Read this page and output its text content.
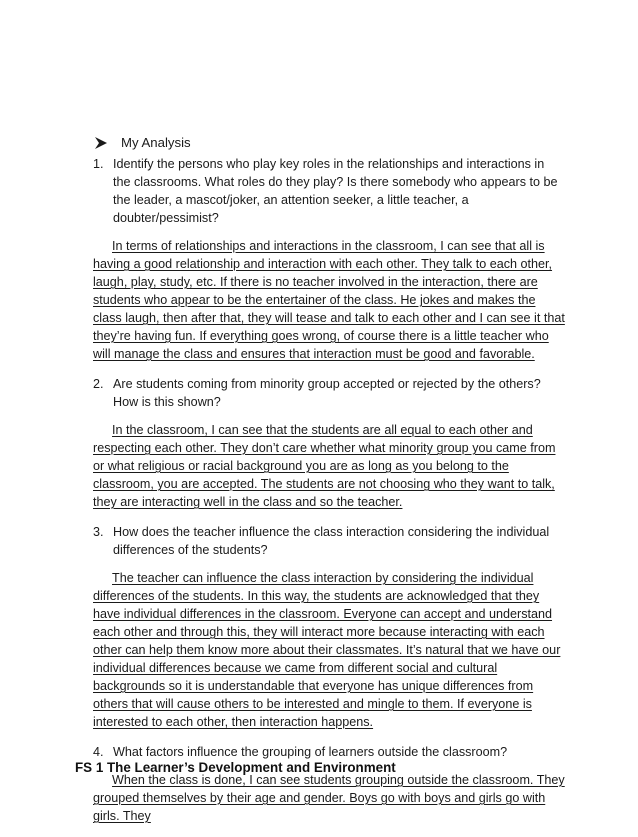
My Analysis
1. Identify the persons who play key roles in the relationships and interactions in the classrooms. What roles do they play? Is there somebody who appears to be the leader, a mascot/joker, an attention seeker, a little teacher, a doubter/pessimist?

In terms of relationships and interactions in the classroom, I can see that all is having a good relationship and interaction with each other. They talk to each other, laugh, play, study, etc. If there is no teacher involved in the interaction, there are students who appear to be the entertainer of the class. He jokes and makes the class laugh, then after that, they will tease and talk to each other and I can see it that they’re having fun. If everything goes wrong, of course there is a little teacher who will manage the class and ensures that interaction must be good and favorable.

2. Are students coming from minority group accepted or rejected by the others? How is this shown?

In the classroom, I can see that the students are all equal to each other and respecting each other. They don’t care whether what minority group you came from or what religious or racial background you are as long as you belong to the classroom, you are accepted. The students are not choosing who they want to talk, they are interacting well in the class and so the teacher.

3. How does the teacher influence the class interaction considering the individual differences of the students?

The teacher can influence the class interaction by considering the individual differences of the students. In this way, the students are acknowledged that they have individual differences in the classroom. Everyone can accept and understand each other and through this, they will interact more because interacting with each other can help them know more about their classmates. It’s natural that we have our individual differences because we came from different social and cultural backgrounds so it is understandable that everyone has unique differences from others that will cause others to be interested and mingle to them. If everyone is interested to each other, then interaction happens.

4. What factors influence the grouping of learners outside the classroom?

When the class is done, I can see students grouping outside the classroom. They grouped themselves by their age and gender. Boys go with boys and girls go with girls. They

FS 1 The Learner’s Development and Environment
